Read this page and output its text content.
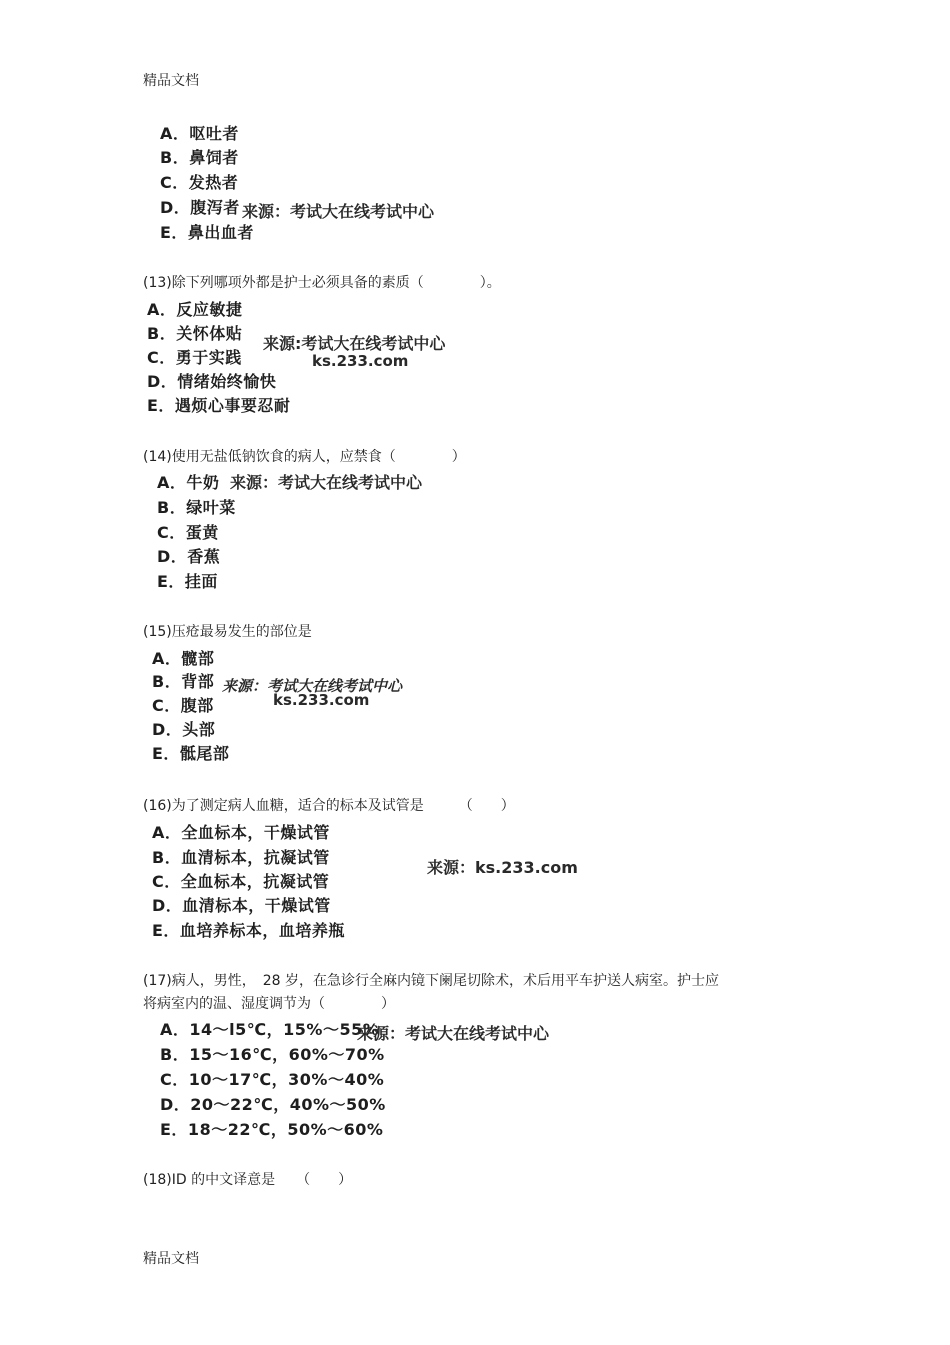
精品文档
A．呕吐者
B．鼻饲者
C．发热者
D．腹泻者 来源：考试大在线考试中心
E．鼻出血者
(13)除下列哪项外都是护士必须具备的素质（　　　　）。
A．反应敏捷
B．关怀体贴
C．勇于实践
D．情绪始终愉快
E．遇烦心事要忍耐
来源:考试大在线考试中心
ks.233.com
(14)使用无盐低钠饮食的病人，应禁食（　　　　）
A．牛奶 来源：考试大在线考试中心
B．绿叶菜
C．蛋黄
D．香蕉
E．挂面
(15)压疮最易发生的部位是
A．髋部
B．背部 来源：考试大在线考试中心
C．腹部	ks.233.com
D．头部
E．骶尾部
(16)为了测定病人血糖，适合的标本及试管是　　　（　　）
A．全血标本，干燥试管
B．血清标本，抗凝试管
C．全血标本，抗凝试管
D．血清标本，干燥试管
E．血培养标本，血培养瓶
来源：ks.233.com
(17)病人，男性，　28 岁，在急诊行全麻内镜下阑尾切除术，术后用平车护送人病室。护士应
将病室内的温、湿度调节为（　　　　）
A．14～l5℃，15%～55%
来源：考试大在线考试中心
B．15～16℃，60%～70%
C．10～17℃，30%～40%
D．20～22℃，40%～50%
E．18～22℃，50%～60%
(18)ID 的中文译意是　　（　　）
精品文档
